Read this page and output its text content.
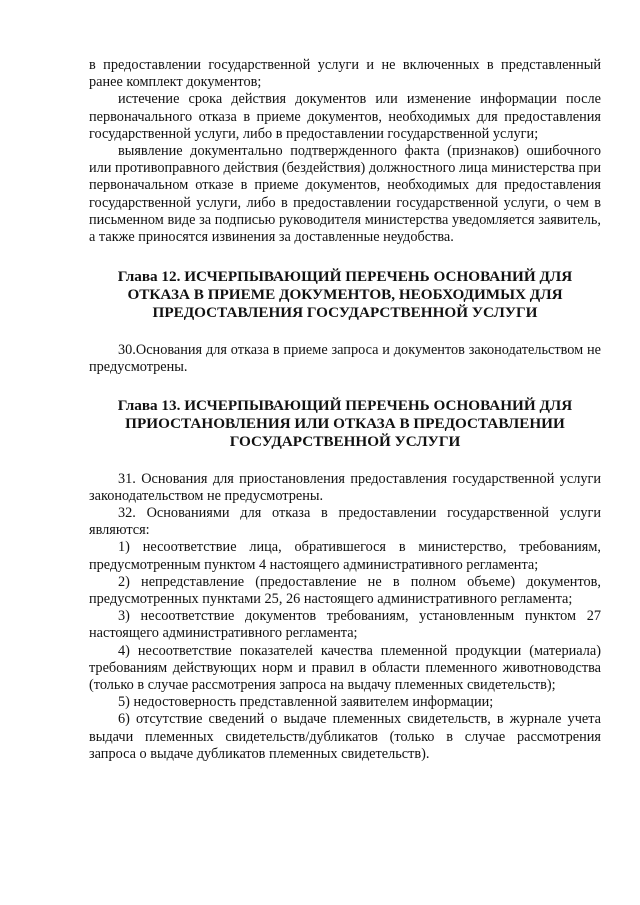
в предоставлении государственной услуги и не включенных в представленный ранее комплект документов;

истечение срока действия документов или изменение информации после первоначального отказа в приеме документов, необходимых для предоставления государственной услуги, либо в предоставлении государственной услуги;

выявление документально подтвержденного факта (признаков) ошибочного или противоправного действия (бездействия) должностного лица министерства при первоначальном отказе в приеме документов, необходимых для предоставления государственной услуги, либо в предоставлении государственной услуги, о чем в письменном виде за подписью руководителя министерства уведомляется заявитель, а также приносятся извинения за доставленные неудобства.

Глава 12. ИСЧЕРПЫВАЮЩИЙ ПЕРЕЧЕНЬ ОСНОВАНИЙ ДЛЯ ОТКАЗА В ПРИЕМЕ ДОКУМЕНТОВ, НЕОБХОДИМЫХ ДЛЯ ПРЕДОСТАВЛЕНИЯ ГОСУДАРСТВЕННОЙ УСЛУГИ

30.Основания для отказа в приеме запроса и документов законодательством не предусмотрены.

Глава 13. ИСЧЕРПЫВАЮЩИЙ ПЕРЕЧЕНЬ ОСНОВАНИЙ ДЛЯ ПРИОСТАНОВЛЕНИЯ ИЛИ ОТКАЗА В ПРЕДОСТАВЛЕНИИ ГОСУДАРСТВЕННОЙ УСЛУГИ

31. Основания для приостановления предоставления государственной услуги законодательством не предусмотрены.

32. Основаниями для отказа в предоставлении государственной услуги являются:

1) несоответствие лица, обратившегося в министерство, требованиям, предусмотренным пунктом 4 настоящего административного регламента;

2) непредставление (предоставление не в полном объеме) документов, предусмотренных пунктами 25, 26 настоящего административного регламента;

3) несоответствие документов требованиям, установленным пунктом 27 настоящего административного регламента;

4) несоответствие показателей качества племенной продукции (материала) требованиям действующих норм и правил в области племенного животноводства (только в случае рассмотрения запроса на выдачу племенных свидетельств);

5) недостоверность представленной заявителем информации;

6) отсутствие сведений о выдаче племенных свидетельств, в журнале учета выдачи племенных свидетельств/дубликатов (только в случае рассмотрения запроса о выдаче дубликатов племенных свидетельств).
